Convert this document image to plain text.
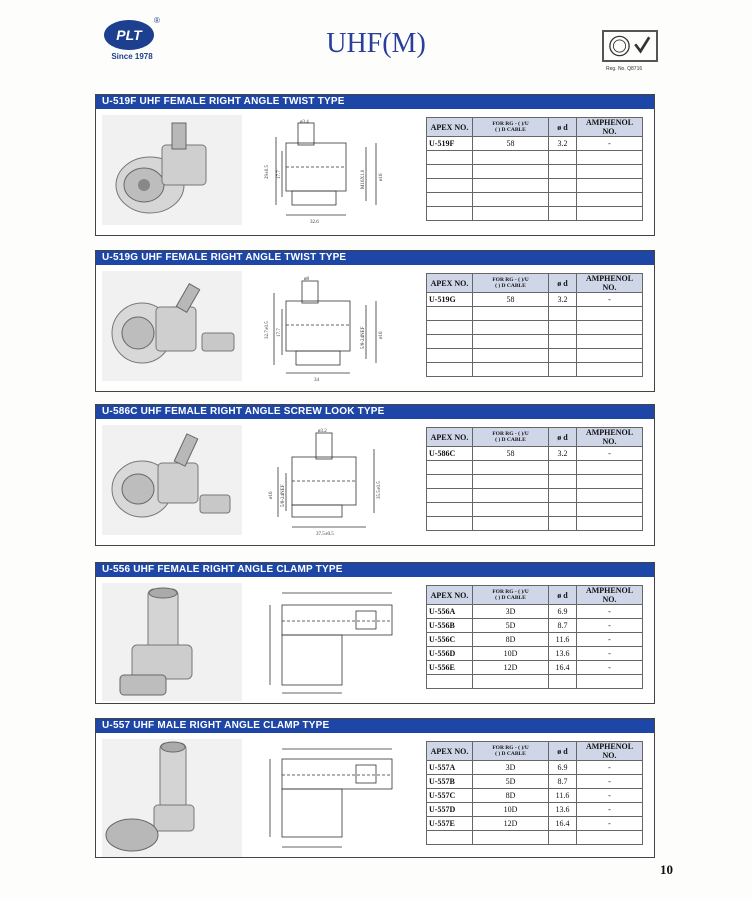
PLT
®
Since 1978	UHF(M)
Reg. No. Q8716
U-519F UHF FEMALE RIGHT ANGLE TWIST TYPE
ø3.4
29±0.5 17.7	M16X1.0	ø16
32.6
APEX NO.	FOR RG - ( )/U
( ) D CABLE	ø d	AMPHENOL NO.
U-519F	58	3.2	-

U-519G UHF FEMALE RIGHT ANGLE TWIST TYPE
ø8
32.7±0.5 17.7	5/8-24NEF	ø16
34
APEX NO.	FOR RG - ( )/U
( ) D CABLE	ø d	AMPHENOL NO.
U-519G	58	3.2	-

U-586C UHF FEMALE RIGHT ANGLE SCREW LOOK TYPE
ø3.2
ø16 5/8-24NEF	35.5±0.5
37.5±0.5
APEX NO.	FOR RG - ( )/U
( ) D CABLE	ø d	AMPHENOL NO.
U-586C	58	3.2	-

U-556 UHF FEMALE RIGHT ANGLE CLAMP TYPE
APEX NO.	FOR RG - ( )/U
( ) D CABLE	ø d	AMPHENOL NO.
U-556A	3D	6.9	-
U-556B	5D	8.7	-
U-556C	8D	11.6	-
U-556D	10D	13.6	-
U-556E	12D	16.4	-

U-557 UHF MALE RIGHT ANGLE CLAMP TYPE
APEX NO.	FOR RG - ( )/U
( ) D CABLE	ø d	AMPHENOL NO.
U-557A	3D	6.9	-
U-557B	5D	8.7	-
U-557C	8D	11.6	-
U-557D	10D	13.6	-
U-557E	12D	16.4	-

10
